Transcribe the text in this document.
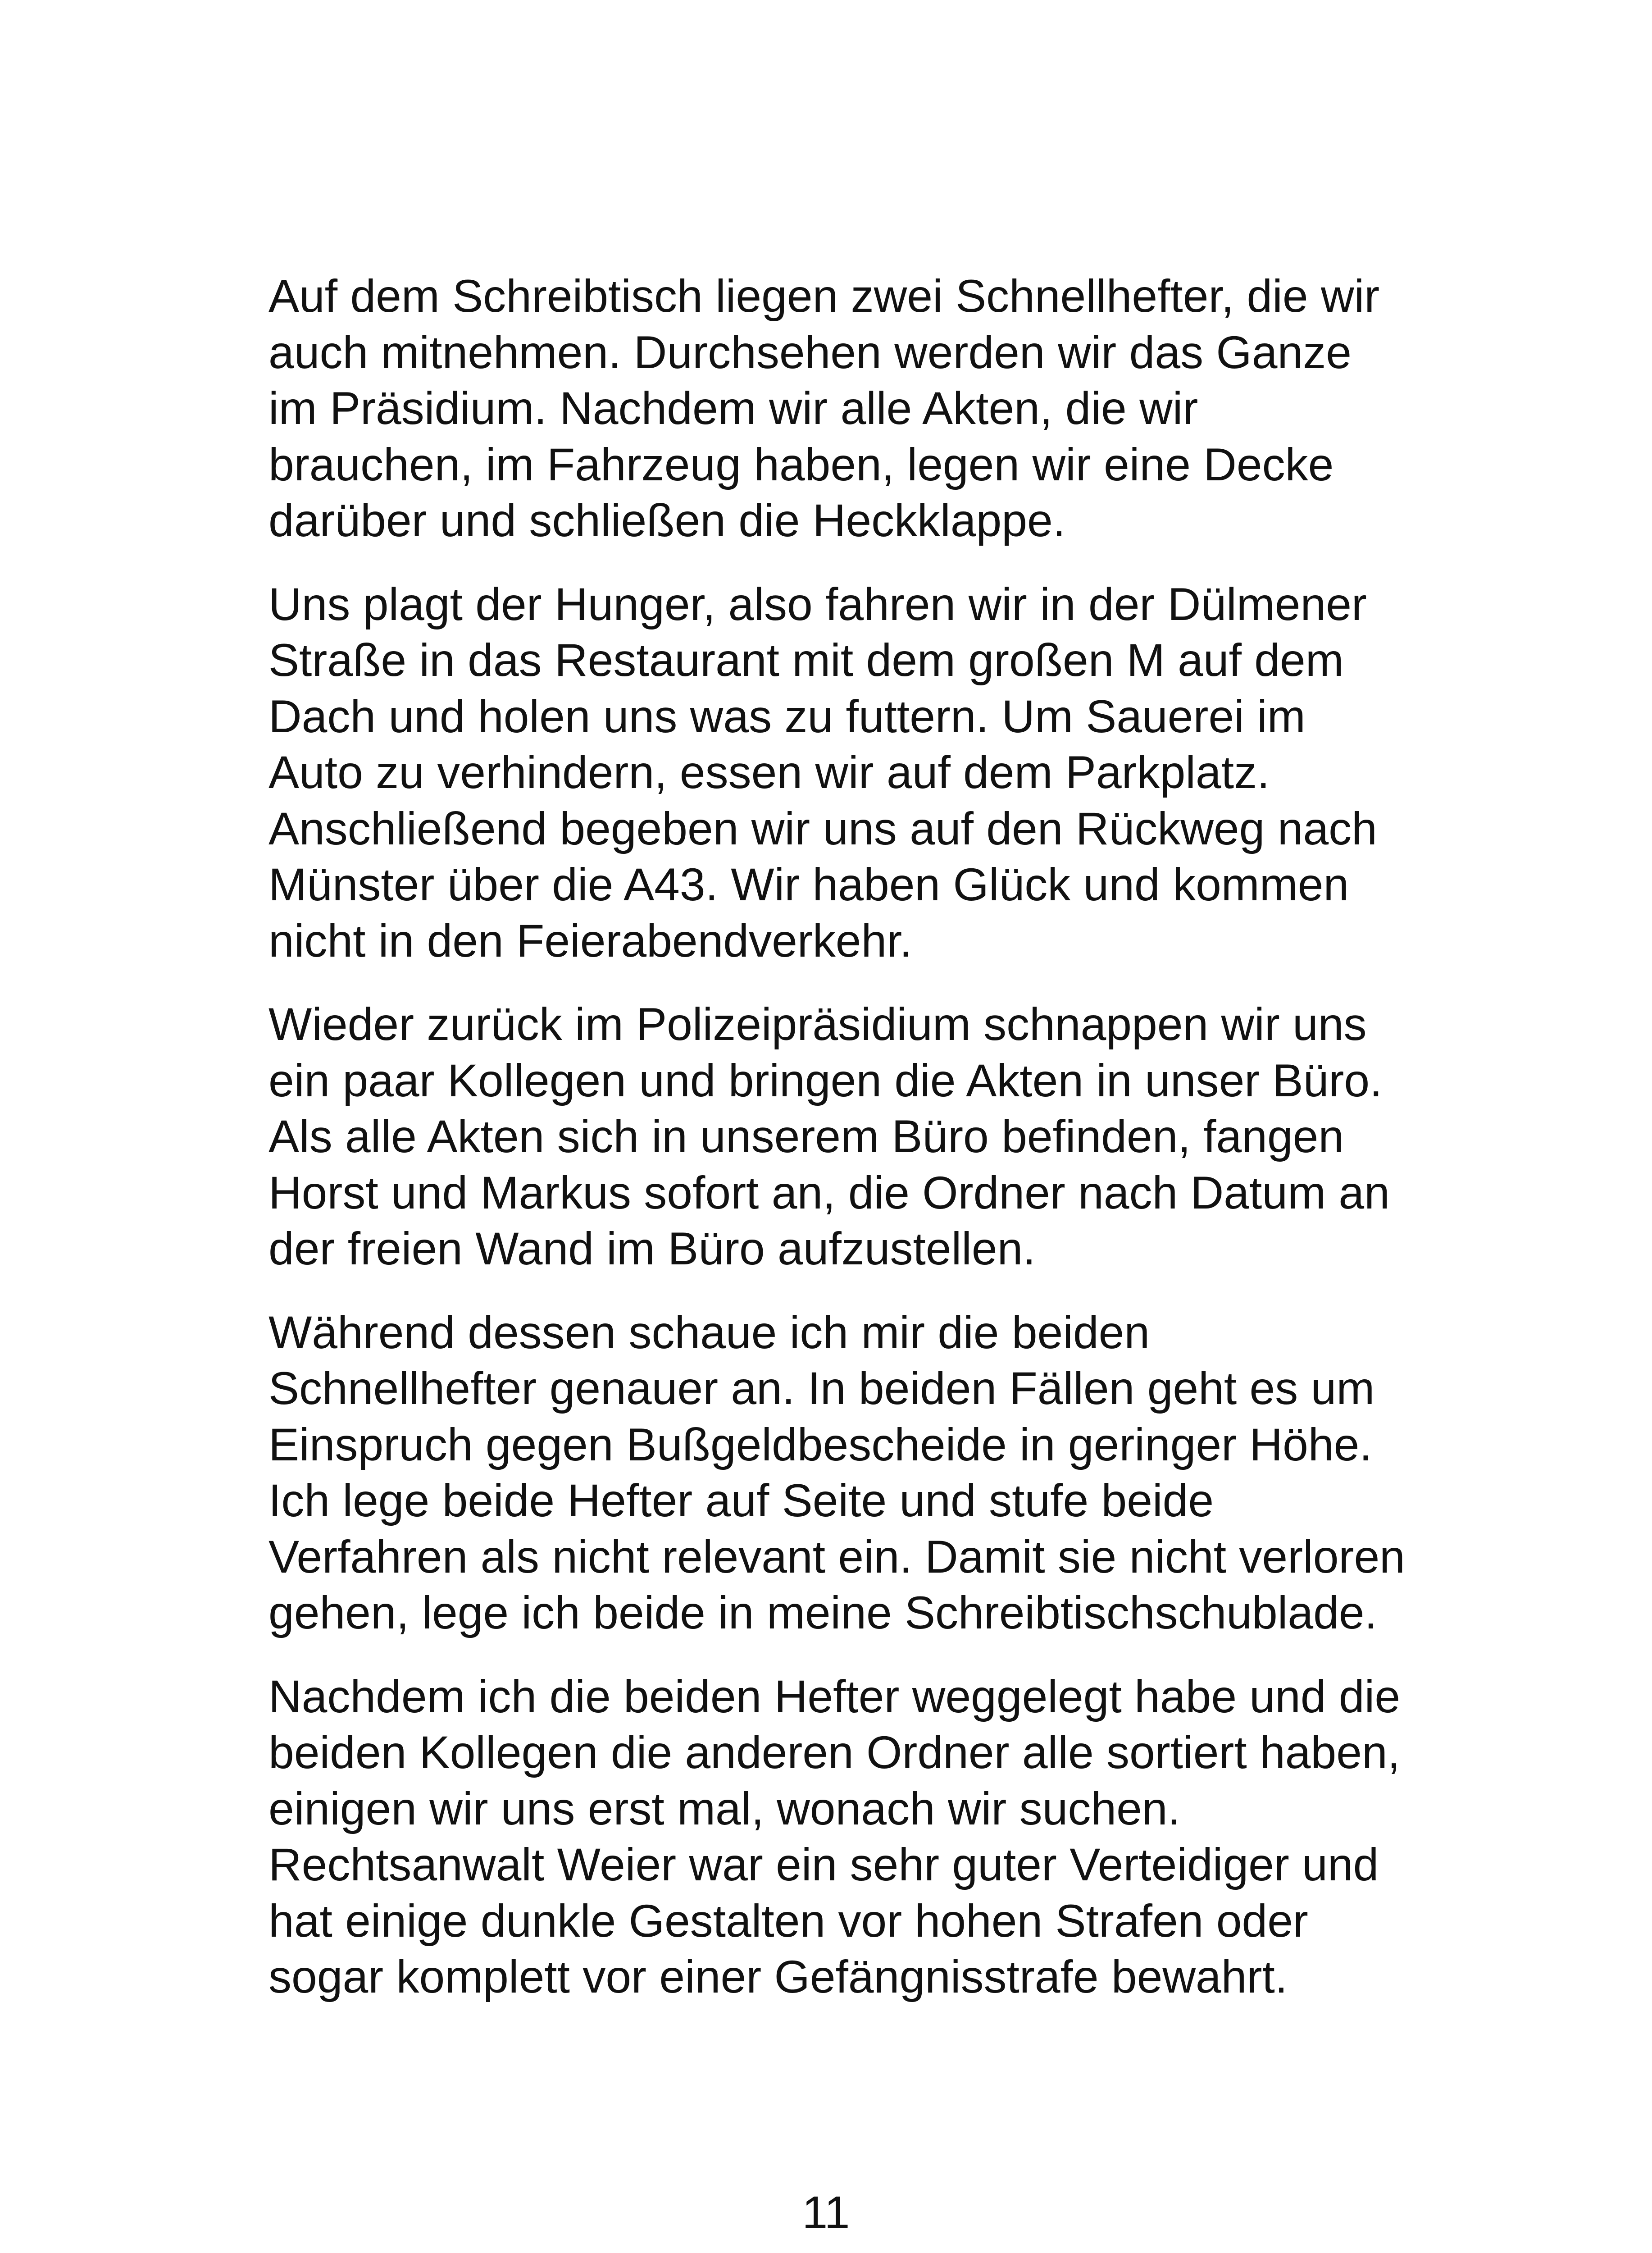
Auf dem Schreibtisch liegen zwei Schnellhefter, die wir
auch mitnehmen. Durchsehen werden wir das Ganze
im Präsidium. Nachdem wir alle Akten, die wir
brauchen, im Fahrzeug haben, legen wir eine Decke
darüber und schließen die Heckklappe.

Uns plagt der Hunger, also fahren wir in der Dülmener
Straße in das Restaurant mit dem großen M auf dem
Dach und holen uns was zu futtern. Um Sauerei im
Auto zu verhindern, essen wir auf dem Parkplatz.
Anschließend begeben wir uns auf den Rückweg nach
Münster über die A43. Wir haben Glück und kommen
nicht in den Feierabendverkehr.

Wieder zurück im Polizeipräsidium schnappen wir uns
ein paar Kollegen und bringen die Akten in unser Büro.
Als alle Akten sich in unserem Büro befinden, fangen
Horst und Markus sofort an, die Ordner nach Datum an
der freien Wand im Büro aufzustellen.

Während dessen schaue ich mir die beiden
Schnellhefter genauer an. In beiden Fällen geht es um
Einspruch gegen Bußgeldbescheide in geringer Höhe.
Ich lege beide Hefter auf Seite und stufe beide
Verfahren als nicht relevant ein. Damit sie nicht verloren
gehen, lege ich beide in meine Schreibtischschublade.

Nachdem ich die beiden Hefter weggelegt habe und die
beiden Kollegen die anderen Ordner alle sortiert haben,
einigen wir uns erst mal, wonach wir suchen.
Rechtsanwalt Weier war ein sehr guter Verteidiger und
hat einige dunkle Gestalten vor hohen Strafen oder
sogar komplett vor einer Gefängnisstrafe bewahrt.

11
